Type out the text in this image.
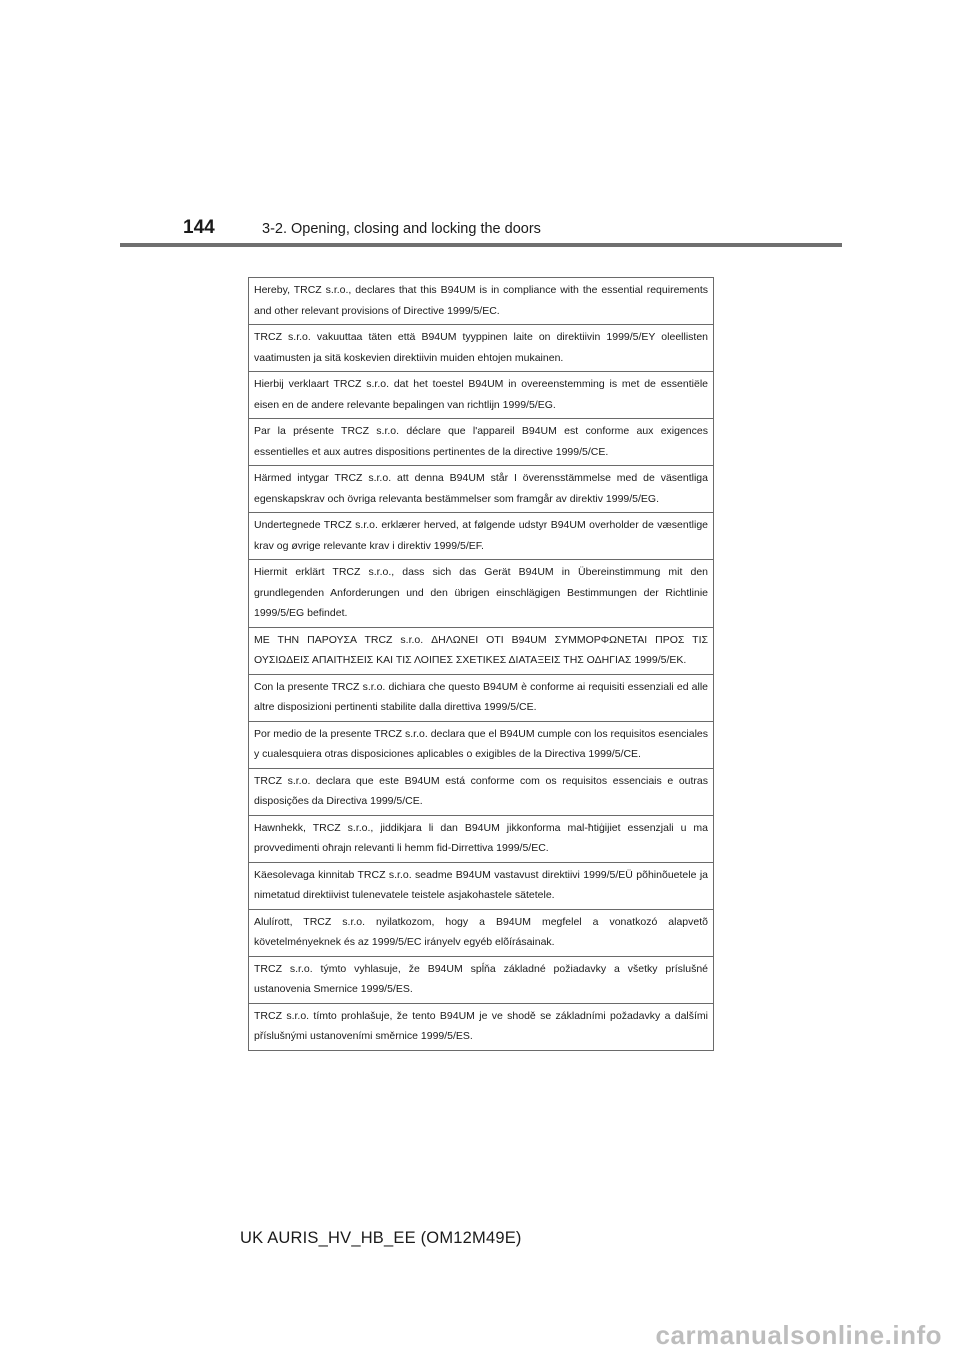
144	3-2. Opening, closing and locking the doors
Hereby, TRCZ s.r.o., declares that this B94UM is in compliance with the essential requirements and other relevant provisions of Directive 1999/5/EC.
TRCZ s.r.o. vakuuttaa täten että B94UM tyyppinen laite on direktiivin 1999/5/EY oleellisten vaatimusten ja sitä koskevien direktiivin muiden ehtojen mukainen.
Hierbij verklaart TRCZ s.r.o. dat het toestel B94UM in overeenstemming is met de essentiële eisen en de andere relevante bepalingen van richtlijn 1999/5/EG.
Par la présente TRCZ s.r.o. déclare que l'appareil B94UM est conforme aux exigences essentielles et aux autres dispositions pertinentes de la directive 1999/5/CE.
Härmed intygar TRCZ s.r.o. att denna B94UM står I överensstämmelse med de väsentliga egenskapskrav och övriga relevanta bestämmelser som framgår av direktiv 1999/5/EG.
Undertegnede TRCZ s.r.o. erklærer herved, at følgende udstyr B94UM overholder de væsentlige krav og øvrige relevante krav i direktiv 1999/5/EF.
Hiermit erklärt TRCZ s.r.o., dass sich das Gerät B94UM in Übereinstimmung mit den grundlegenden Anforderungen und den übrigen einschlägigen Bestimmungen der Richtlinie 1999/5/EG befindet.
ΜΕ ΤΗΝ ΠΑΡΟΥΣΑ TRCZ s.r.o. ΔΗΛΩΝΕΙ ΟΤΙ B94UM ΣΥΜΜΟΡΦΩΝΕΤΑΙ ΠΡΟΣ ΤΙΣ ΟΥΣΙΩΔΕΙΣ ΑΠΑΙΤΗΣΕΙΣ ΚΑΙ ΤΙΣ ΛΟΙΠΕΣ ΣΧΕΤΙΚΕΣ ΔΙΑΤΑΞΕΙΣ ΤΗΣ ΟΔΗΓΙΑΣ 1999/5/ΕΚ.
Con la presente TRCZ s.r.o. dichiara che questo B94UM è conforme ai requisiti essenziali ed alle altre disposizioni pertinenti stabilite dalla direttiva 1999/5/CE.
Por medio de la presente TRCZ s.r.o. declara que el B94UM cumple con los requisitos esenciales y cualesquiera otras disposiciones aplicables o exigibles de la Directiva 1999/5/CE.
TRCZ s.r.o. declara que este B94UM está conforme com os requisitos essenciais e outras disposições da Directiva 1999/5/CE.
Hawnhekk, TRCZ s.r.o., jiddikjara li dan B94UM jikkonforma mal-ħtiġijiet essenzjali u ma provvedimenti oħrajn relevanti li hemm fid-Dirrettiva 1999/5/EC.
Käesolevaga kinnitab TRCZ s.r.o. seadme B94UM vastavust direktiivi 1999/5/EÜ põhinõuetele ja nimetatud direktiivist tulenevatele teistele asjakohastele sätetele.
Alulírott, TRCZ s.r.o. nyilatkozom, hogy a B94UM megfelel a vonatkozó alapvetõ követelményeknek és az 1999/5/EC irányelv egyéb elõírásainak.
TRCZ s.r.o. týmto vyhlasuje, že B94UM spĺňa základné požiadavky a všetky príslušné ustanovenia Smernice 1999/5/ES.
TRCZ s.r.o. tímto prohlašuje, že tento B94UM je ve shodě se základními požadavky a dalšími příslušnými ustanoveními směrnice 1999/5/ES.
UK AURIS_HV_HB_EE (OM12M49E)
carmanualsonline.info
